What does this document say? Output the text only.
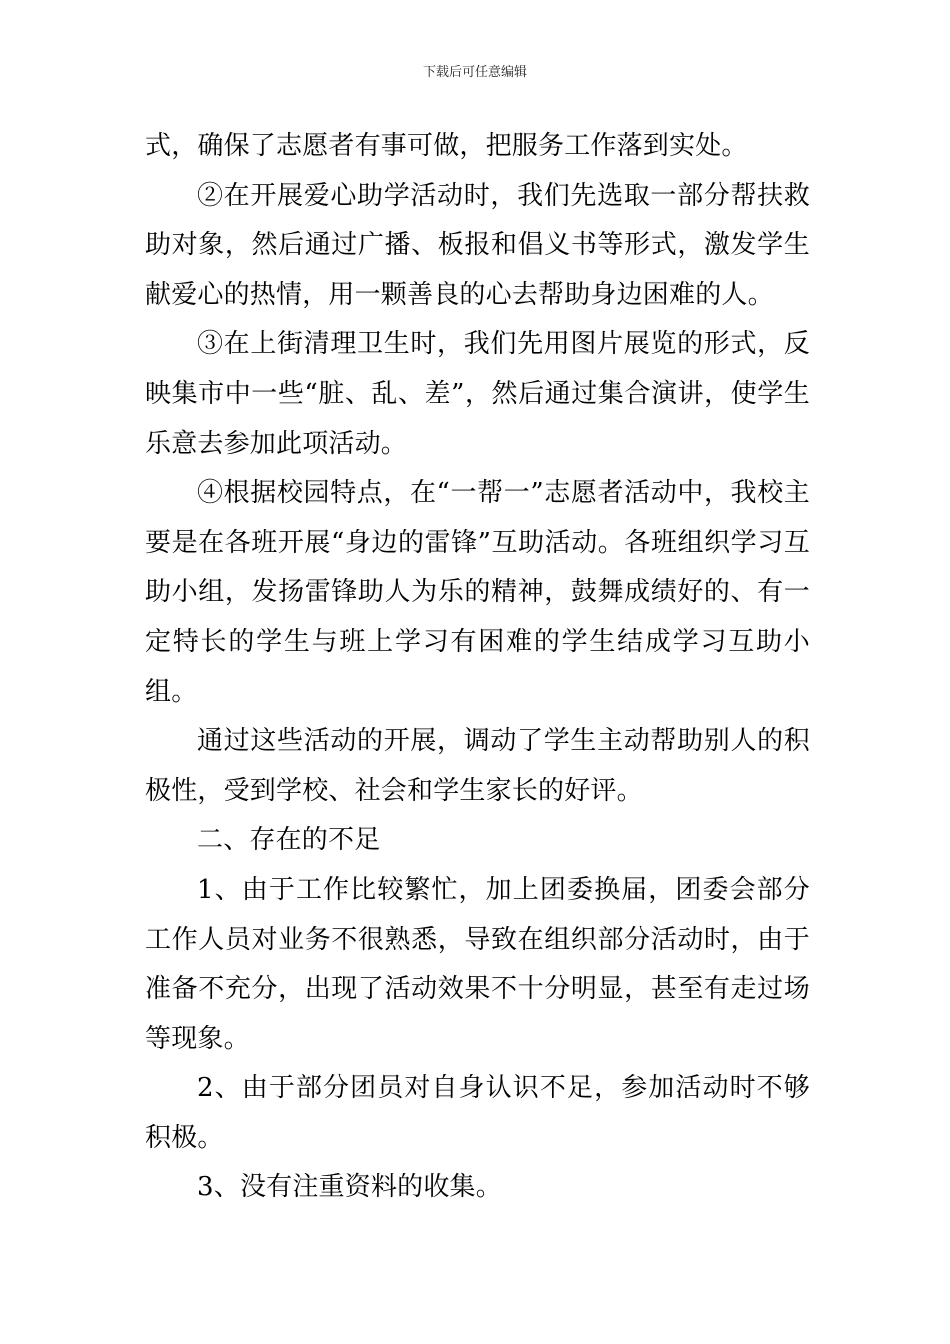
下载后可任意编辑

式，确保了志愿者有事可做，把服务工作落到实处。

②在开展爱心助学活动时，我们先选取一部分帮扶救助对象，然后通过广播、板报和倡义书等形式，激发学生献爱心的热情，用一颗善良的心去帮助身边困难的人。

③在上街清理卫生时，我们先用图片展览的形式，反映集市中一些“脏、乱、差”，然后通过集合演讲，使学生乐意去参加此项活动。

④根据校园特点，在“一帮一”志愿者活动中，我校主要是在各班开展“身边的雷锋”互助活动。各班组织学习互助小组，发扬雷锋助人为乐的精神，鼓舞成绩好的、有一定特长的学生与班上学习有困难的学生结成学习互助小组。

通过这些活动的开展，调动了学生主动帮助别人的积极性，受到学校、社会和学生家长的好评。

二、存在的不足

1、由于工作比较繁忙，加上团委换届，团委会部分工作人员对业务不很熟悉，导致在组织部分活动时，由于准备不充分，出现了活动效果不十分明显，甚至有走过场等现象。

2、由于部分团员对自身认识不足，参加活动时不够积极。

3、没有注重资料的收集。
